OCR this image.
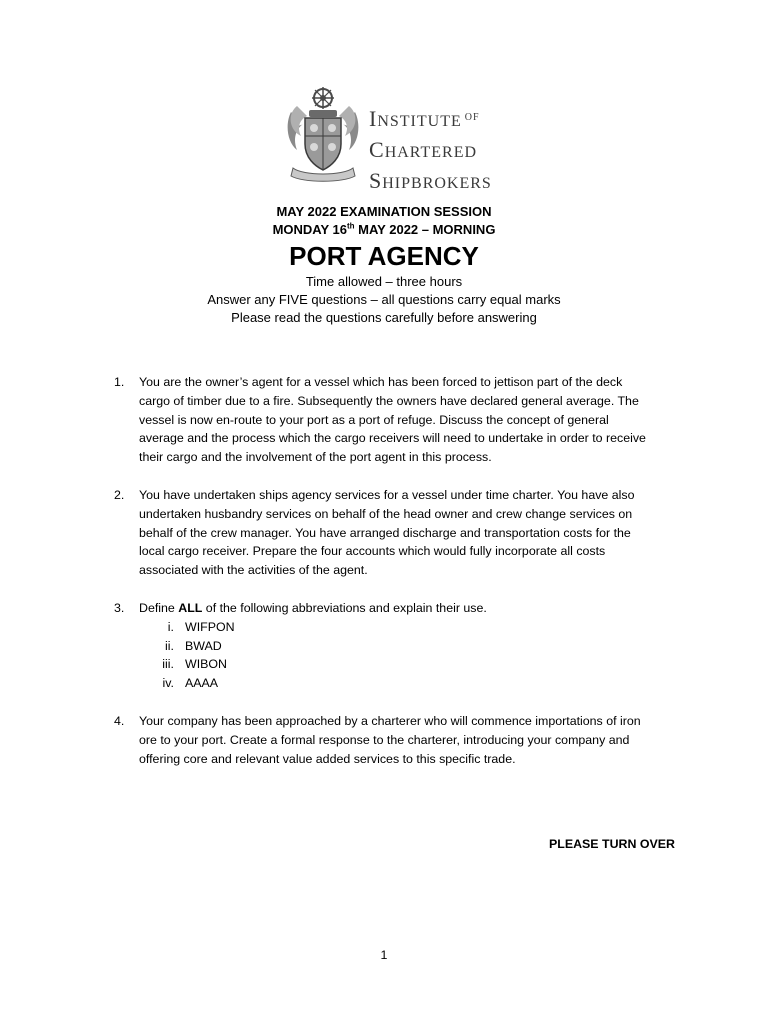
INSTITUTE $^{OF}$
CHARTERED
SHIPBROKERS
MAY 2022 EXAMINATION SESSION
MONDAY 16th MAY 2022 – MORNING
PORT AGENCY
Time allowed – three hours
Answer any FIVE questions – all questions carry equal marks
Please read the questions carefully before answering
1. You are the owner’s agent for a vessel which has been forced to jettison part of the deck
cargo of timber due to a fire. Subsequently the owners have declared general average. The
vessel is now en-route to your port as a port of refuge. Discuss the concept of general
average and the process which the cargo receivers will need to undertake in order to receive
their cargo and the involvement of the port agent in this process.
2. You have undertaken ships agency services for a vessel under time charter. You have also
undertaken husbandry services on behalf of the head owner and crew change services on
behalf of the crew manager. You have arranged discharge and transportation costs for the
local cargo receiver. Prepare the four accounts which would fully incorporate all costs
associated with the activities of the agent.
3. Define ALL of the following abbreviations and explain their use.
i. WIFPON
ii. BWAD
iii. WIBON
iv. AAAA
4. Your company has been approached by a charterer who will commence importations of iron
ore to your port. Create a formal response to the charterer, introducing your company and
offering core and relevant value added services to this specific trade.
PLEASE TURN OVER
1
